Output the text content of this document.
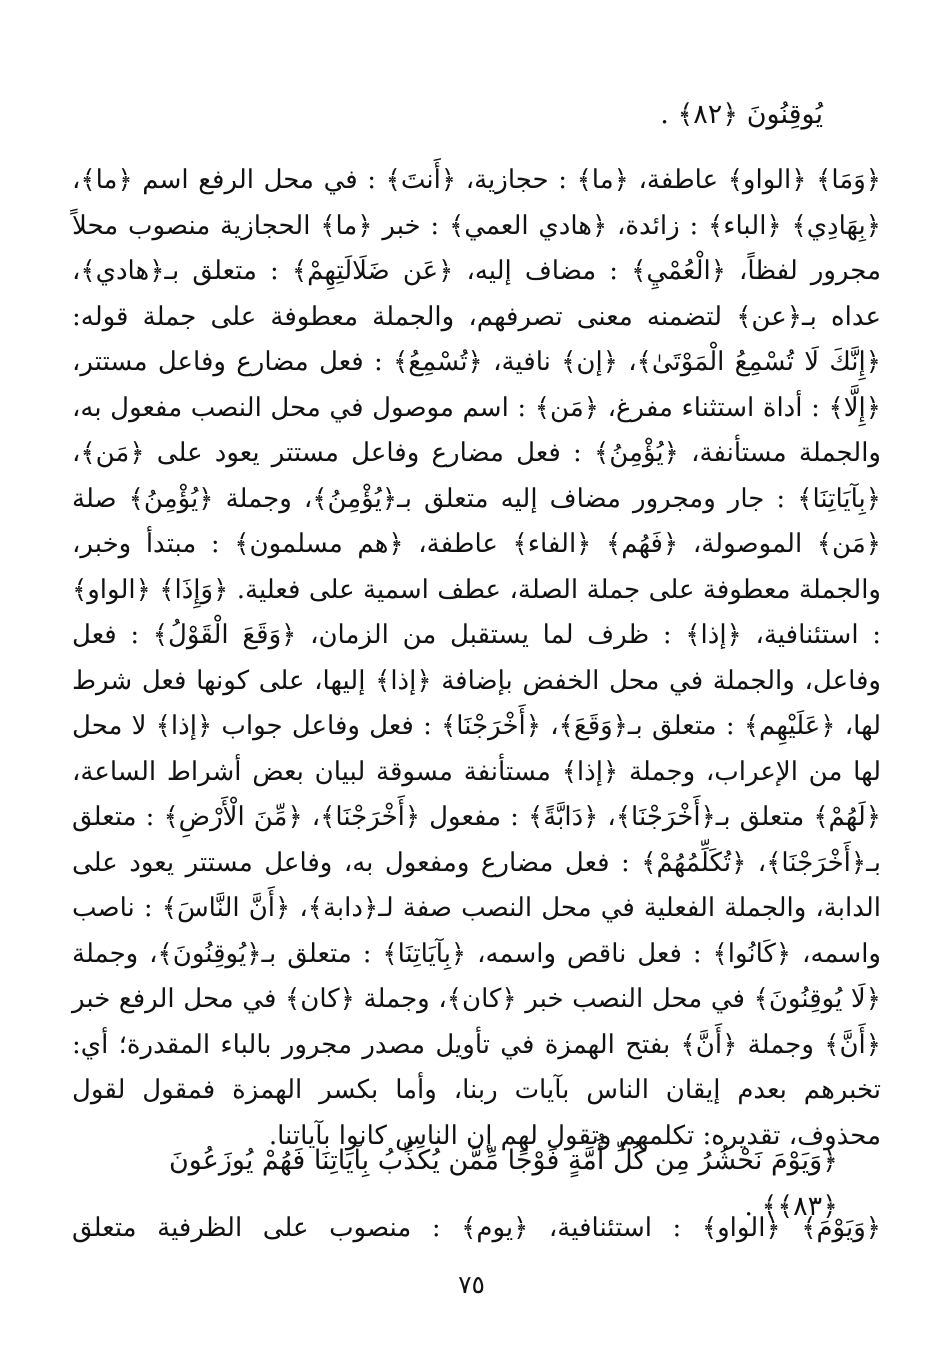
يُوقِنُونَ ﴿٨٢﴾ .

﴿وَمَا﴾ ﴿الواو﴾ عاطفة، ﴿ما﴾ : حجازية، ﴿أَنتَ﴾ : في محل الرفع اسم ﴿ما﴾، ﴿بِهَادِي﴾ ﴿الباء﴾ : زائدة، ﴿هادي العمي﴾ : خبر ﴿ما﴾ الحجازية منصوب محلاً مجرور لفظاً، ﴿الْعُمْيِ﴾ : مضاف إليه، ﴿عَن ضَلَالَتِهِمْ﴾ : متعلق بـ﴿هادي﴾، عداه بـ﴿عن﴾ لتضمنه معنى تصرفهم، والجملة معطوفة على جملة قوله: ﴿إِنَّكَ لَا تُسْمِعُ الْمَوْتَىٰ﴾، ﴿إن﴾ نافية، ﴿تُسْمِعُ﴾ : فعل مضارع وفاعل مستتر، ﴿إِلَّا﴾ : أداة استثناء مفرغ، ﴿مَن﴾ : اسم موصول في محل النصب مفعول به، والجملة مستأنفة، ﴿يُؤْمِنُ﴾ : فعل مضارع وفاعل مستتر يعود على ﴿مَن﴾، ﴿بِآيَاتِنَا﴾ : جار ومجرور مضاف إليه متعلق بـ﴿يُؤْمِنُ﴾، وجملة ﴿يُؤْمِنُ﴾ صلة ﴿مَن﴾ الموصولة، ﴿فَهُم﴾ ﴿الفاء﴾ عاطفة، ﴿هم مسلمون﴾ : مبتدأ وخبر، والجملة معطوفة على جملة الصلة، عطف اسمية على فعلية. ﴿وَإِذَا﴾ ﴿الواو﴾ : استئنافية، ﴿إذا﴾ : ظرف لما يستقبل من الزمان، ﴿وَقَعَ الْقَوْلُ﴾ : فعل وفاعل، والجملة في محل الخفض بإضافة ﴿إذا﴾ إليها، على كونها فعل شرط لها، ﴿عَلَيْهِم﴾ : متعلق بـ﴿وَقَعَ﴾، ﴿أَخْرَجْنَا﴾ : فعل وفاعل جواب ﴿إذا﴾ لا محل لها من الإعراب، وجملة ﴿إذا﴾ مستأنفة مسوقة لبيان بعض أشراط الساعة، ﴿لَهُمْ﴾ متعلق بـ﴿أَخْرَجْنَا﴾، ﴿دَابَّةً﴾ : مفعول ﴿أَخْرَجْنَا﴾، ﴿مِّنَ الْأَرْضِ﴾ : متعلق بـ﴿أَخْرَجْنَا﴾، ﴿تُكَلِّمُهُمْ﴾ : فعل مضارع ومفعول به، وفاعل مستتر يعود على الدابة، والجملة الفعلية في محل النصب صفة لـ﴿دابة﴾، ﴿أَنَّ النَّاسَ﴾ : ناصب واسمه، ﴿كَانُوا﴾ : فعل ناقص واسمه، ﴿بِآيَاتِنَا﴾ : متعلق بـ﴿يُوقِنُونَ﴾، وجملة ﴿لَا يُوقِنُونَ﴾ في محل النصب خبر ﴿كان﴾، وجملة ﴿كان﴾ في محل الرفع خبر ﴿أَنَّ﴾ وجملة ﴿أَنَّ﴾ بفتح الهمزة في تأويل مصدر مجرور بالباء المقدرة؛ أي: تخبرهم بعدم إيقان الناس بآيات ربنا، وأما بكسر الهمزة فمقول لقول محذوف، تقديره: تكلمهم وتقول لهم إن الناس كانوا بآياتنا.

﴿وَيَوْمَ نَحْشُرُ مِن كُلِّ أُمَّةٍ فَوْجًا مِّمَّن يُكَذِّبُ بِآيَاتِنَا فَهُمْ يُوزَعُونَ ﴿٨٣﴾﴾ .
﴿وَيَوْمَ﴾ ﴿الواو﴾ : استئنافية، ﴿يوم﴾ : منصوب على الظرفية متعلق
٧٥
